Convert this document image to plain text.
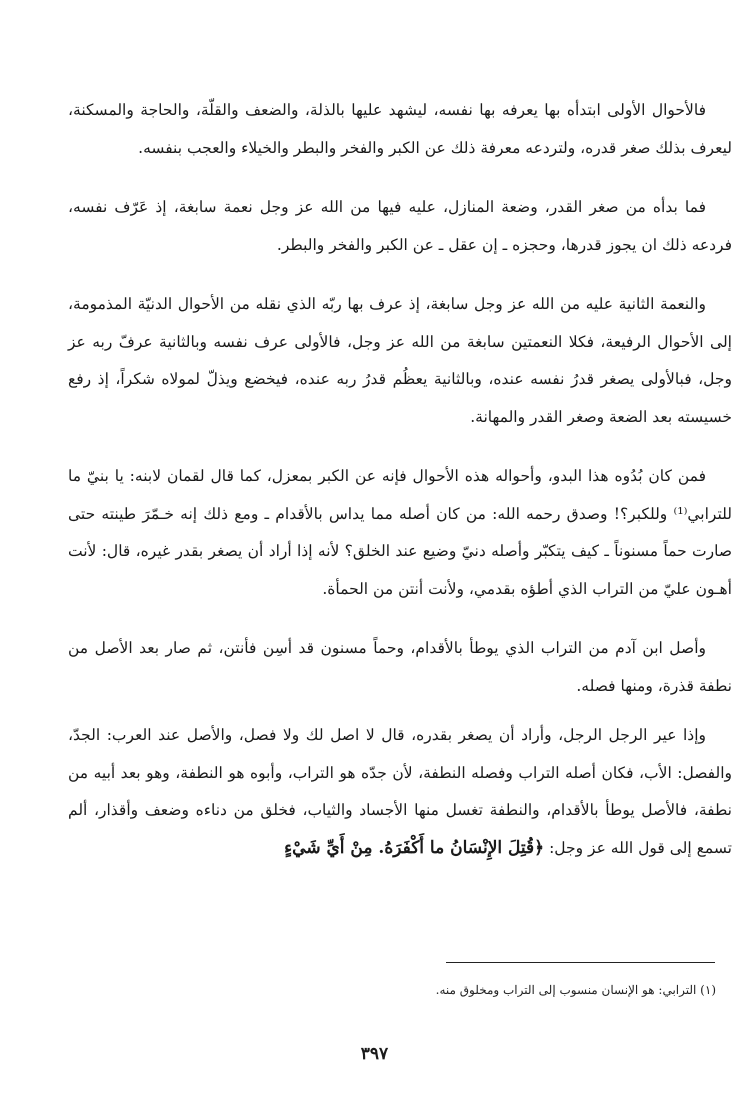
فالأحوال الأولى ابتدأه بها يعرفه بها نفسه، ليشهد عليها بالذلة، والضعف والقلّة، والحاجة والمسكنة، ليعرف بذلك صغر قدره، ولتردعه معرفة ذلك عن الكبر والفخر والبطر والخيلاء والعجب بنفسه.

فما بدأه من صغر القدر، وضعة المنازل، عليه فيها من الله عز وجل نعمة سابغة، إذ عَرّف نفسه، فردعه ذلك ان يجوز قدرها، وحجزه ـ إن عقل ـ عن الكبر والفخر والبطر.

والنعمة الثانية عليه من الله عز وجل سابغة، إذ عرف بها ربّه الذي نقله من الأحوال الدنيّة المذمومة، إلى الأحوال الرفيعة، فكلا النعمتين سابغة من الله عز وجل، فالأولى عرف نفسه وبالثانية عرفّ ربه عز وجل، فبالأولى يصغر قدرُ نفسه عنده، وبالثانية يعظُم قدرُ ربه عنده، فيخضع ويذلّ لمولاه شكراً، إذ رفع خسيسته بعد الضعة وصغر القدر والمهانة.

فمن كان بُدُوه هذا البدو، وأحواله هذه الأحوال فإنه عن الكبر بمعزل، كما قال لقمان لابنه: يا بنيّ ما للترابي⁽¹⁾ وللكبر؟! وصدق رحمه الله: من كان أصله مما يداس بالأقدام ـ ومع ذلك إنه خـمّرَ طينته حتى صارت حماً مسنوناً ـ كيف يتكبّر وأصله دنيّ وضيع عند الخلق؟ لأنه إذا أراد أن يصغر بقدر غيره، قال: لأنت أهـون عليّ من التراب الذي أطؤه بقدمي، ولأنت أنتن من الحمأة.

وأصل ابن آدم من التراب الذي يوطأ بالأقدام، وحماً مسنون قد أسِن فأنتن، ثم صار بعد الأصل من نطفة قذرة، ومنها فصله.

وإذا عير الرجل الرجل، وأراد أن يصغر بقدره، قال لا اصل لك ولا فصل، والأصل عند العرب: الجدّ، والفصل: الأب، فكان أصله التراب وفصله النطفة، لأن جدّه هو التراب، وأبوه هو النطفة، وهو بعد أبيه من نطفة، فالأصل يوطأ بالأقدام، والنطفة تغسل منها الأجساد والثياب، فخلق من دناءه وضعف وأقذار، ألم تسمع إلى قول الله عز وجل: ﴿قُتِلَ الإِنْسَانُ ما أَكْفَرَهُ. مِنْ أَيِّ شَيْءٍ

(١) الترابي: هو الإنسان منسوب إلى التراب ومخلوق منه.
٣٩٧
